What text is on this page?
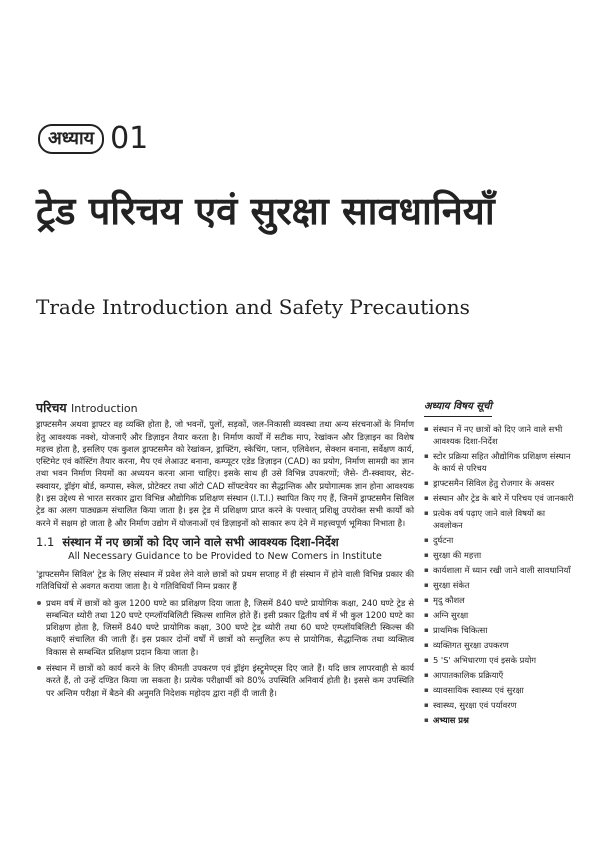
अध्याय 01
ट्रेड परिचय एवं सुरक्षा सावधानियाँ
Trade Introduction and Safety Precautions
परिचय Introduction

ड्राफ्टसमैन अथवा ड्राफ्टर वह व्यक्ति होता है, जो भवनों, पुलों, सड़कों, जल-निकासी व्यवस्था तथा अन्य संरचनाओं के निर्माण हेतु आवश्यक नक्शे, योजनाएँ और डिज़ाइन तैयार करता है। निर्माण कार्यों में सटीक माप, रेखांकन और डिज़ाइन का विशेष महत्त्व होता है, इसलिए एक कुशल ड्राफ्टसमैन को रेखांकन, ड्राफ्टिंग, स्केचिंग, प्लान, एलिवेशन, सेक्शन बनाना, सर्वेक्षण कार्य, एस्टिमेट एवं कॉस्टिंग तैयार करना, मैप एवं लेआउट बनाना, कम्प्यूटर एडेड डिज़ाइन (CAD) का प्रयोग, निर्माण सामग्री का ज्ञान तथा भवन निर्माण नियमों का अध्ययन करना आना चाहिए। इसके साथ ही उसे विभिन्न उपकरणों; जैसे- टी-स्क्वायर, सेट-स्क्वायर, ड्रॉइंग बोर्ड, कम्पास, स्केल, प्रोटेक्टर तथा ऑटो CAD सॉफ्टवेयर का सैद्धान्तिक और प्रयोगात्मक ज्ञान होना आवश्यक है। इस उद्देश्य से भारत सरकार द्वारा विभिन्न औद्योगिक प्रशिक्षण संस्थान (I.T.I.) स्थापित किए गए हैं, जिनमें ड्राफ्टसमैन सिविल ट्रेड का अलग पाठ्यक्रम संचालित किया जाता है। इस ट्रेड में प्रशिक्षण प्राप्त करने के पश्चात् प्रशिक्षु उपरोक्त सभी कार्यों को करने में सक्षम हो जाता है और निर्माण उद्योग में योजनाओं एवं डिज़ाइनों को साकार रूप देने में महत्त्वपूर्ण भूमिका निभाता है।

1.1 संस्थान में नए छात्रों को दिए जाने वाले सभी आवश्यक दिशा-निर्देश
All Necessary Guidance to be Provided to New Comers in Institute

'ड्राफ्टसमैन सिविल' ट्रेड के लिए संस्थान में प्रवेश लेने वाले छात्रों को प्रथम सप्ताह में ही संस्थान में होने वाली विभिन्न प्रकार की गतिविधियों से अवगत कराया जाता है। ये गतिविधियाँ निम्न प्रकार हैं

प्रथम वर्ष में छात्रों को कुल 1200 घण्टे का प्रशिक्षण दिया जाता है, जिसमें 840 घण्टे प्रायोगिक कक्षा, 240 घण्टे ट्रेड से सम्बन्धित थ्योरी तथा 120 घण्टे एम्प्लॉयबिलिटी स्किल्स शामिल होते हैं। इसी प्रकार द्वितीय वर्ष में भी कुल 1200 घण्टे का प्रशिक्षण होता है, जिसमें 840 घण्टे प्रायोगिक कक्षा, 300 घण्टे ट्रेड थ्योरी तथा 60 घण्टे एम्प्लॉयबिलिटी स्किल्स की कक्षाएँ संचालित की जाती हैं। इस प्रकार दोनों वर्षों में छात्रों को सन्तुलित रूप से प्रायोगिक, सैद्धान्तिक तथा व्यक्तित्व विकास से सम्बन्धित प्रशिक्षण प्रदान किया जाता है।
संस्थान में छात्रों को कार्य करने के लिए कीमती उपकरण एवं ड्रॉइंग इंस्ट्रूमेण्ट्स दिए जाते हैं। यदि छात्र लापरवाही से कार्य करते हैं, तो उन्हें दण्डित किया जा सकता है। प्रत्येक परीक्षार्थी को 80% उपस्थिति अनिवार्य होती है। इससे कम उपस्थिति पर अन्तिम परीक्षा में बैठने की अनुमति निदेशक महोदय द्वारा नहीं दी जाती है।
अध्याय विषय सूची
▪ संस्थान में नए छात्रों को दिए जाने वाले सभी आवश्यक दिशा-निर्देश
▪ स्टोर प्रक्रिया सहित औद्योगिक प्रशिक्षण संस्थान के कार्य से परिचय
▪ ड्राफ्टसमैन सिविल हेतु रोजगार के अवसर
▪ संस्थान और ट्रेड के बारे में परिचय एवं जानकारी
▪ प्रत्येक वर्ष पढ़ाए जाने वाले विषयों का अवलोकन
▪ दुर्घटना
▪ सुरक्षा की महत्ता
▪ कार्यशाला में ध्यान रखी जाने वाली सावधानियाँ
▪ सुरक्षा संकेत
▪ मृदु कौशल
▪ अग्नि सुरक्षा
▪ प्राथमिक चिकित्सा
▪ व्यक्तिगत सुरक्षा उपकरण
▪ 5 'S' अभिधारणा एवं इसके प्रयोग
▪ आपातकालिक प्रक्रियाएँ
▪ व्यावसायिक स्वास्थ्य एवं सुरक्षा
▪ स्वास्थ्य, सुरक्षा एवं पर्यावरण
▪ अभ्यास प्रश्न
